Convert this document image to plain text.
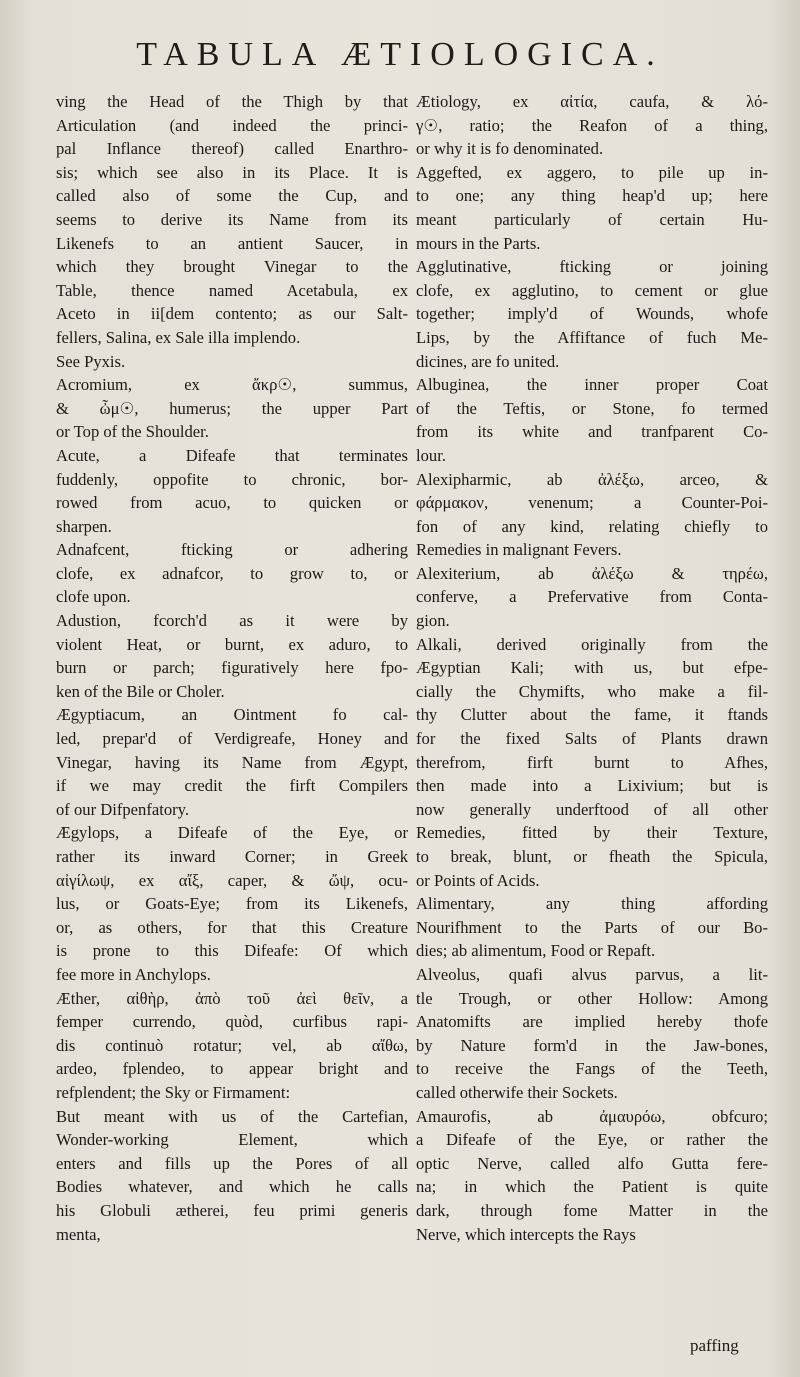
TABULA ÆTIOLOGICA.
ving the Head of the Thigh by that
Articulation (and indeed the princi-
pal Inflance thereof) called Enarthro-
sis; which see also in its Place. It is
called also of some the Cup, and
seems to derive its Name from its
Likenefs to an antient Saucer, in
which they brought Vinegar to the
Table, thence named Acetabula, ex
Aceto in ii[dem contento; as our Salt-
fellers, Salina, ex Sale illa implendo.
See Pyxis.
Acromium, ex ἄκρ☉, summus,
& ὦμ☉, humerus; the upper Part
or Top of the Shoulder.
Acute, a Difeafe that terminates
fuddenly, oppofite to chronic, bor-
rowed from acuo, to quicken or
sharpen.
Adnafcent, fticking or adhering
clofe, ex adnafcor, to grow to, or
clofe upon.
Adustion, fcorch'd as it were by
violent Heat, or burnt, ex aduro, to
burn or parch; figuratively here fpo-
ken of the Bile or Choler.
Ægyptiacum, an Ointment fo cal-
led, prepar'd of Verdigreafe, Honey and
Vinegar, having its Name from Ægypt,
if we may credit the firft Compilers
of our Difpenfatory.
Ægylops, a Difeafe of the Eye, or
rather its inward Corner; in Greek
αἰγίλωψ, ex αἴξ, caper, & ὤψ, ocu-
lus, or Goats-Eye; from its Likenefs,
or, as others, for that this Creature
is prone to this Difeafe: Of which
fee more in Anchylops.
Æther, αἰθὴρ, ἀπὸ τοῦ ἀεὶ θεῖν, a
femper currendo, quòd, curfibus rapi-
dis continuò rotatur; vel, ab αἴθω,
ardeo, fplendeo, to appear bright and
refplendent; the Sky or Firmament:
But meant with us of the Cartefian,
Wonder-working Element, which
enters and fills up the Pores of all
Bodies whatever, and which he calls
his Globuli ætherei, feu primi generis
menta,
Ætiology, ex αἰτία, caufa, & λό-
γ☉, ratio; the Reafon of a thing,
or why it is fo denominated.
Aggefted, ex aggero, to pile up in-
to one; any thing heap'd up; here
meant particularly of certain Hu-
mours in the Parts.
Agglutinative, fticking or joining
clofe, ex agglutino, to cement or glue
together; imply'd of Wounds, whofe
Lips, by the Affiftance of fuch Me-
dicines, are fo united.
Albuginea, the inner proper Coat
of the Teftis, or Stone, fo termed
from its white and tranfparent Co-
lour.
Alexipharmic, ab ἀλέξω, arceo, &
φάρμακον, venenum; a Counter-Poi-
fon of any kind, relating chiefly to
Remedies in malignant Fevers.
Alexiterium, ab ἀλέξω & τηρέω,
conferve, a Prefervative from Conta-
gion.
Alkali, derived originally from the
Ægyptian Kali; with us, but efpe-
cially the Chymifts, who make a fil-
thy Clutter about the fame, it ftands
for the fixed Salts of Plants drawn
therefrom, firft burnt to Afhes,
then made into a Lixivium; but is
now generally underftood of all other
Remedies, fitted by their Texture,
to break, blunt, or fheath the Spicula,
or Points of Acids.
Alimentary, any thing affording
Nourifhment to the Parts of our Bo-
dies; ab alimentum, Food or Repaft.
Alveolus, quafi alvus parvus, a lit-
tle Trough, or other Hollow: Among
Anatomifts are implied hereby thofe
by Nature form'd in the Jaw-bones,
to receive the Fangs of the Teeth,
called otherwife their Sockets.
Amaurofis, ab ἀμαυρόω, obfcuro;
a Difeafe of the Eye, or rather the
optic Nerve, called alfo Gutta fere-
na; in which the Patient is quite
dark, through fome Matter in the
Nerve, which intercepts the Rays
paffing
